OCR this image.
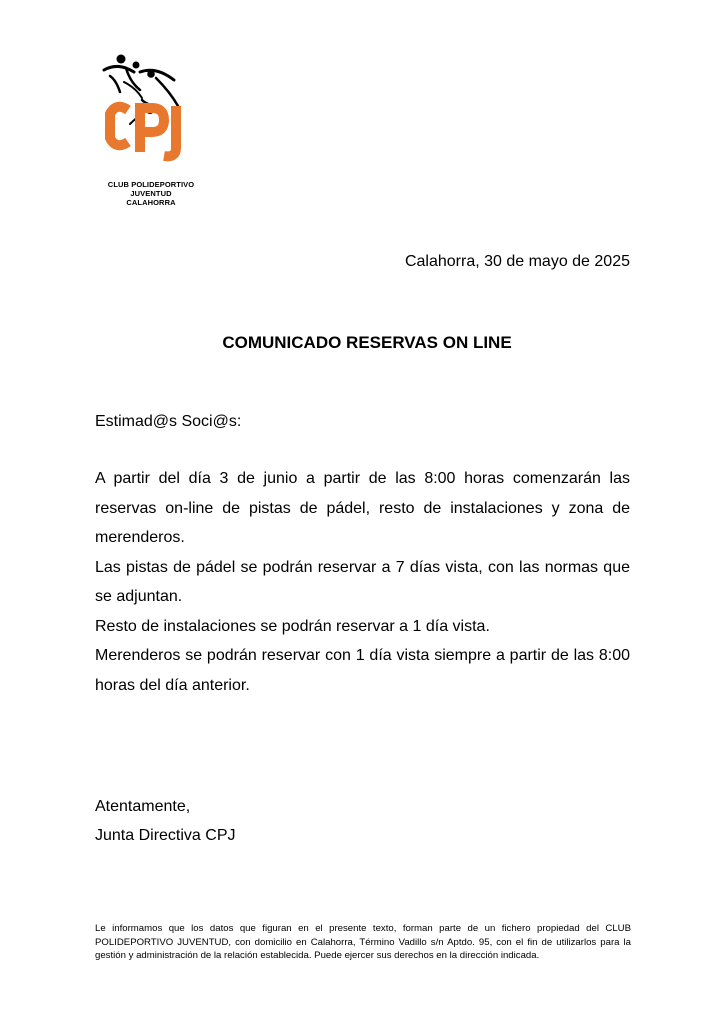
CLUB POLIDEPORTIVO
JUVENTUD
CALAHORRA
Calahorra, 30 de mayo de 2025
COMUNICADO RESERVAS ON LINE
Estimad@s Soci@s:

A partir del día 3 de junio a partir de las 8:00 horas comenzarán las reservas on-line de pistas de pádel, resto de instalaciones y zona de merenderos.

Las pistas de pádel se podrán reservar a 7 días vista, con las normas que se adjuntan.

Resto de instalaciones se podrán reservar a 1 día vista.

Merenderos se podrán reservar con 1 día vista siempre a partir de las 8:00 horas del día anterior.

Atentamente,
Junta Directiva CPJ
Le informamos que los datos que figuran en el presente texto, forman parte de un fichero propiedad del CLUB POLIDEPORTIVO JUVENTUD, con domicilio en Calahorra, Término Vadillo s/n Aptdo. 95, con el fin de utilizarlos para la gestión y administración de la relación establecida. Puede ejercer sus derechos en la dirección indicada.
